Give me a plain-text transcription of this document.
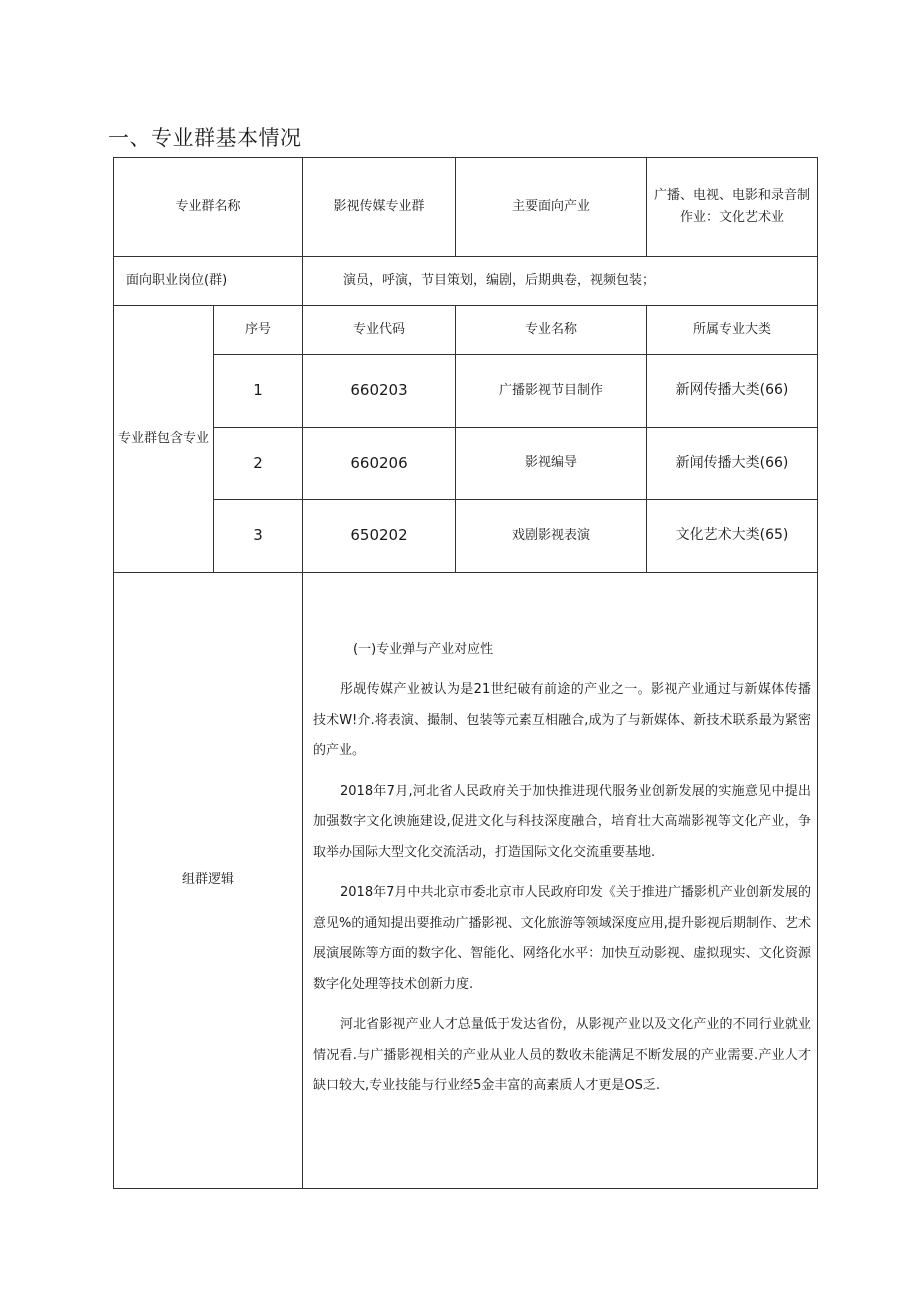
一、专业群基本情况
专业群名称		影视传媒专业群	主要面向产业	广播、电视、电影和录音制作业：文化艺术业
面向职业岗位(群)		演员，呼演，节目策划，编剧，后期典卷，视频包装；		
专业群包含专业	序号	专业代码	专业名称	所属专业大类
	1	660203	广播影视节目制作	新网传播大类(66)
	2	660206	影视编导	新闻传播大类(66)
	3	650202	戏剧影视表演	文化艺术大类(65)
组群逻辑		(一)专业弹与产业对应性

彤觇传媒产业被认为是21世纪破有前途的产业之一。影视产业通过与新媒体传播技术W!介.将表演、撮制、包装等元素互相融合,成为了与新媒体、新技术联系最为紧密的产业。

2018年7月,河北省人民政府关于加快推进现代服务业创新发展的实施意见中提出加强数字文化谀施建设,促进文化与科技深度融合，培育壮大高端影视等文化产业，争取举办国际大型文化交流活动，打造国际文化交流重要基地.

2018年7月中共北京市委北京市人民政府印发《关于推进广播影机产业创新发展的意见%的通知提出要推动广播影视、文化旅游等领域深度应用,提升影视后期制作、艺术展演展陈等方面的数字化、智能化、网络化水平：加快互动影视、虚拟现实、文化资源数字化处理等技术创新力度.

河北省影视产业人才总量低于发达省份，从影视产业以及文化产业的不同行业就业情况看.与广播影视相关的产业从业人员的数收未能满足不断发展的产业需要.产业人才缺口较大,专业技能与行业经5金丰富的高素质人才更是OS乏.		
